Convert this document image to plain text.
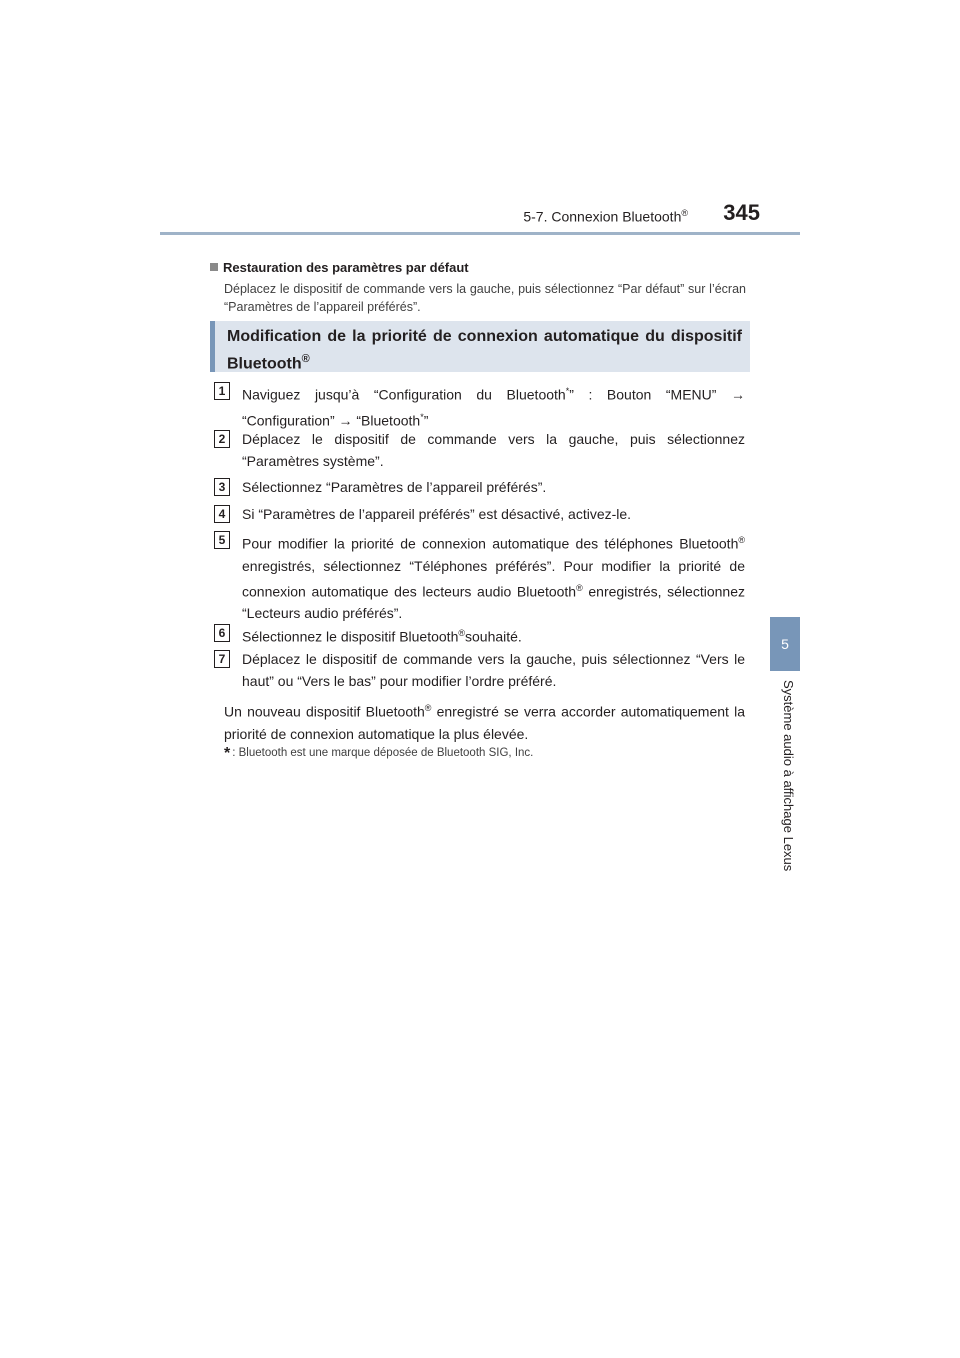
5-7. Connexion Bluetooth®	345
5
Système audio à affichage Lexus
Restauration des paramètres par défaut
Déplacez le dispositif de commande vers la gauche, puis sélectionnez “Par défaut” sur l’écran “Paramètres de l’appareil préférés”.
Modification de la priorité de connexion automatique du dispositif
Bluetooth®
1	Naviguez jusqu’à “Configuration du Bluetooth*” : Bouton “MENU” → “Configuration” → “Bluetooth*”
2	Déplacez le dispositif de commande vers la gauche, puis sélectionnez “Paramètres système”.
3	Sélectionnez “Paramètres de l’appareil préférés”.
4	Si “Paramètres de l’appareil préférés” est désactivé, activez-le.
5	Pour modifier la priorité de connexion automatique des téléphones Bluetooth® enregistrés, sélectionnez “Téléphones préférés”. Pour modifier la priorité de connexion automatique des lecteurs audio Bluetooth® enregistrés, sélectionnez “Lecteurs audio préférés”.
6	Sélectionnez le dispositif Bluetooth®souhaité.
7	Déplacez le dispositif de commande vers la gauche, puis sélectionnez “Vers le haut” ou “Vers le bas” pour modifier l’ordre préféré.
Un nouveau dispositif Bluetooth® enregistré se verra accorder automatiquement la priorité de connexion automatique la plus élevée.
* : Bluetooth est une marque déposée de Bluetooth SIG, Inc.
